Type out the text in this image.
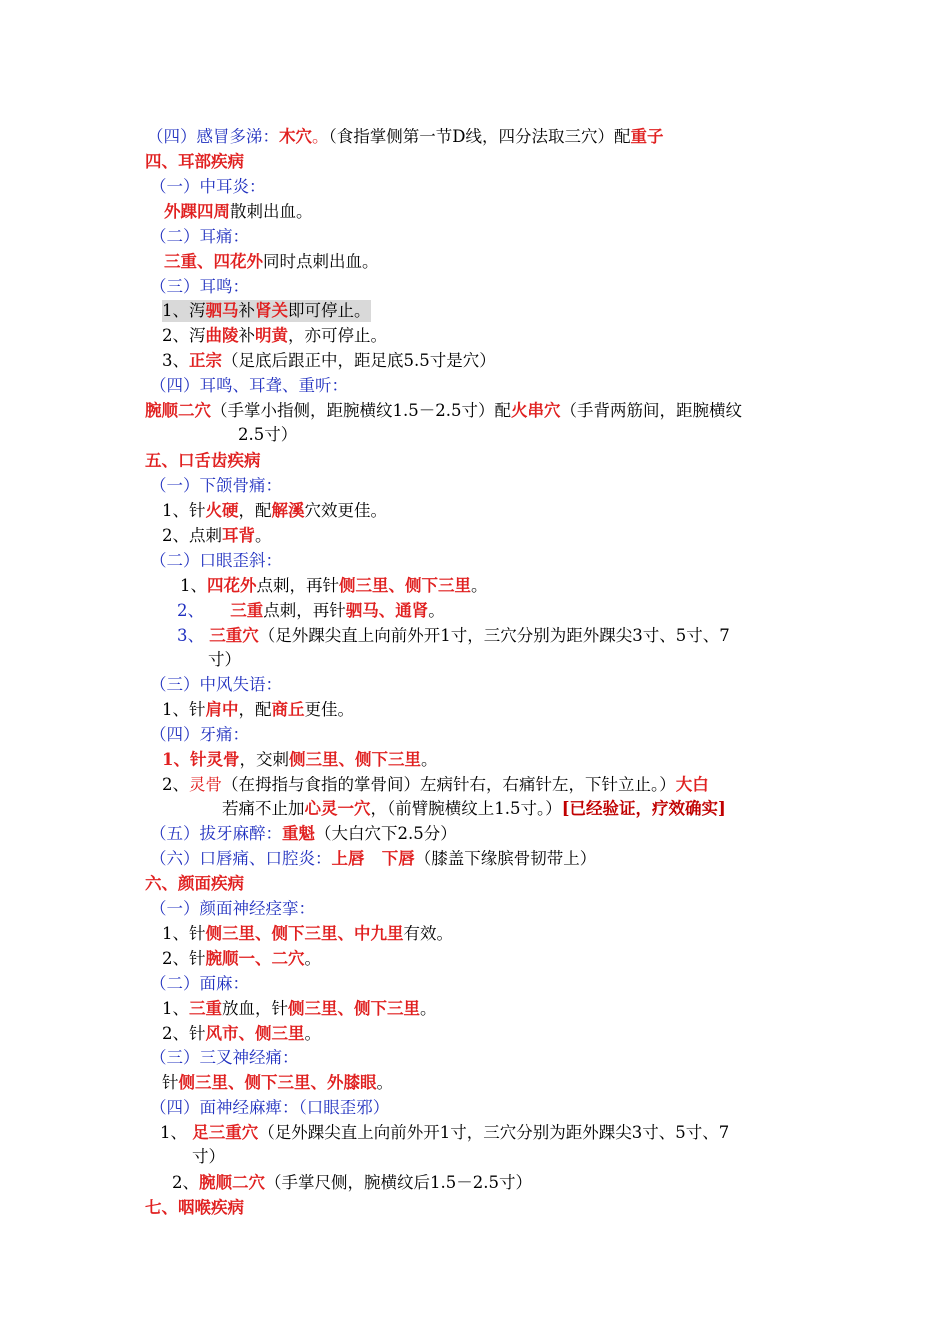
（四）感冒多涕：木穴。（食指掌侧第一节D线，四分法取三穴）配重子
四、耳部疾病
（一）中耳炎：
外踝四周散刺出血。
（二）耳痛：
三重、四花外同时点刺出血。
（三）耳鸣：
1、泻驷马补肾关即可停止。
2、泻曲陵补明黄，亦可停止。
3、正宗（足底后跟正中，距足底5.5寸是穴）
（四）耳鸣、耳聋、重听：
腕顺二穴（手掌小指侧，距腕横纹1.5－2.5寸）配火串穴（手背两筋间，距腕横纹
2.5寸）
五、口舌齿疾病
（一）下颌骨痛：
1、针火硬，配解溪穴效更佳。
2、点刺耳背。
（二）口眼歪斜：
1、四花外点刺，再针侧三里、侧下三里。
2、 三重点刺，再针驷马、通肾。
3、 三重穴（足外踝尖直上向前外开1寸，三穴分别为距外踝尖3寸、5寸、7
寸）
（三）中风失语：
1、针肩中，配商丘更佳。
（四）牙痛：
1、针灵骨，交刺侧三里、侧下三里。
2、灵骨（在拇指与食指的掌骨间）左病针右，右痛针左，下针立止。）大白
若痛不止加心灵一穴，（前臂腕横纹上1.5寸。）[已经验证，疗效确实]
（五）拔牙麻醉：重魁（大白穴下2.5分）
（六）口唇痛、口腔炎：上唇   下唇（膝盖下缘膑骨韧带上）
六、颜面疾病
（一）颜面神经痉挛：
1、针侧三里、侧下三里、中九里有效。
2、针腕顺一、二穴。
（二）面麻：
1、三重放血，针侧三里、侧下三里。
2、针风市、侧三里。
（三）三叉神经痛：
针侧三里、侧下三里、外膝眼。
（四）面神经麻痺：（口眼歪邪）
1、 足三重穴（足外踝尖直上向前外开1寸，三穴分别为距外踝尖3寸、5寸、7
寸）
2、腕顺二穴（手掌尺侧，腕横纹后1.5－2.5寸）
七、咽喉疾病
